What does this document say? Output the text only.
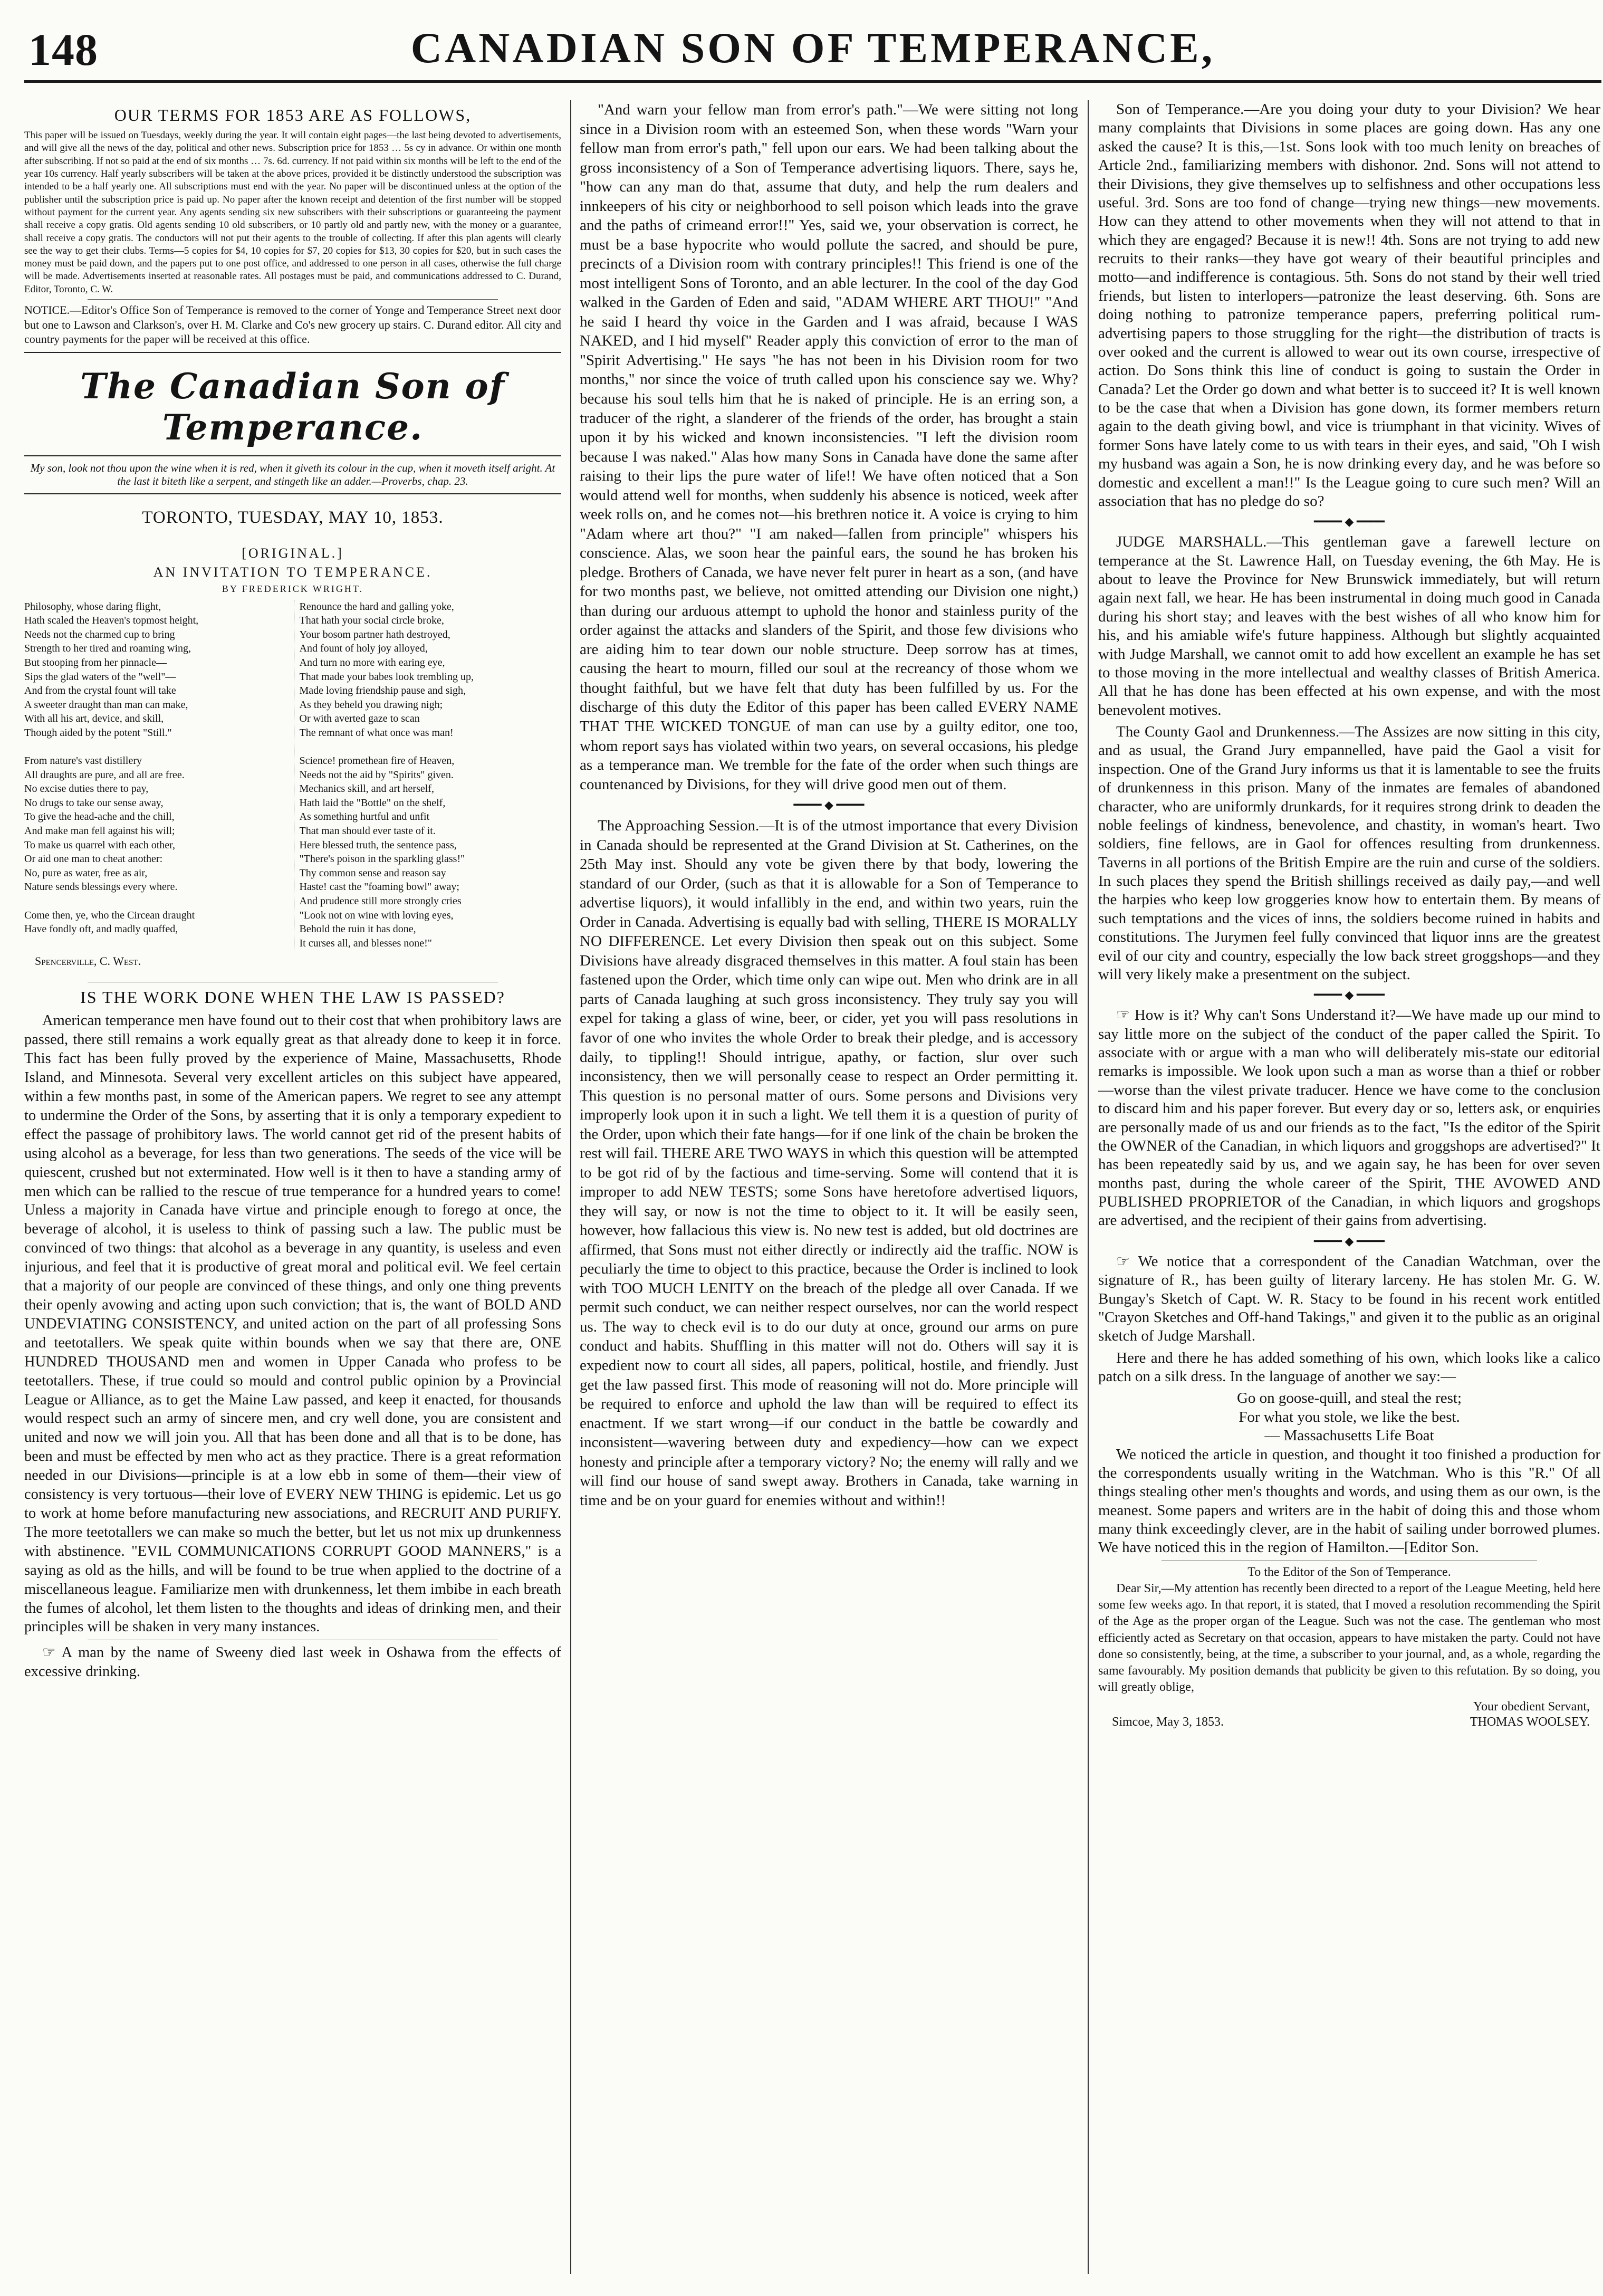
148	CANADIAN SON OF TEMPERANCE,
OUR TERMS FOR 1853 ARE AS FOLLOWS,

This paper will be issued on Tuesdays, weekly during the year. It will contain eight pages—the last being devoted to advertisements, and will give all the news of the day, political and other news. Subscription price for 1853 … 5s cy in advance. Or within one month after subscribing. If not so paid at the end of six months … 7s. 6d. currency. If not paid within six months will be left to the end of the year 10s currency. Half yearly subscribers will be taken at the above prices, provided it be distinctly understood the subscription was intended to be a half yearly one. All subscriptions must end with the year. No paper will be discontinued unless at the option of the publisher until the subscription price is paid up. No paper after the known receipt and detention of the first number will be stopped without payment for the current year. Any agents sending six new subscribers with their subscriptions or guaranteeing the payment shall receive a copy gratis. Old agents sending 10 old subscribers, or 10 partly old and partly new, with the money or a guarantee, shall receive a copy gratis. The conductors will not put their agents to the trouble of collecting. If after this plan agents will clearly see the way to get their clubs. Terms—5 copies for $4, 10 copies for $7, 20 copies for $13, 30 copies for $20, but in such cases the money must be paid down, and the papers put to one post office, and addressed to one person in all cases, otherwise the full charge will be made. Advertisements inserted at reasonable rates. All postages must be paid, and communications addressed to C. Durand, Editor, Toronto, C. W.

NOTICE.—Editor's Office Son of Temperance is removed to the corner of Yonge and Temperance Street next door but one to Lawson and Clarkson's, over H. M. Clarke and Co's new grocery up stairs. C. Durand editor. All city and country payments for the paper will be received at this office.

The Canadian Son of Temperance.
My son, look not thou upon the wine when it is red, when it giveth its colour in the cup, when it moveth itself aright. At the last it biteth like a serpent, and stingeth like an adder.—Proverbs, chap. 23.
TORONTO, TUESDAY, MAY 10, 1853.
[ORIGINAL.]
AN INVITATION TO TEMPERANCE.
BY FREDERICK WRIGHT.
Philosophy, whose daring flight,
Hath scaled the Heaven's topmost height,
Needs not the charmed cup to bring
Strength to her tired and roaming wing,
But stooping from her pinnacle—
Sips the glad waters of the "well"—
And from the crystal fount will take
A sweeter draught than man can make,
With all his art, device, and skill,
Though aided by the potent "Still."

From nature's vast distillery
All draughts are pure, and all are free.
No excise duties there to pay,
No drugs to take our sense away,
To give the head-ache and the chill,
And make man fell against his will;
To make us quarrel with each other,
Or aid one man to cheat another:
No, pure as water, free as air,
Nature sends blessings every where.

Come then, ye, who the Circean draught
Have fondly oft, and madly quaffed,
Renounce the hard and galling yoke,
That hath your social circle broke,
Your bosom partner hath destroyed,
And fount of holy joy alloyed,
And turn no more with earing eye,
That made your babes look trembling up,
Made loving friendship pause and sigh,
As they beheld you drawing nigh;
Or with averted gaze to scan
The remnant of what once was man!

Science! promethean fire of Heaven,
Needs not the aid by "Spirits" given.
Mechanics skill, and art herself,
Hath laid the "Bottle" on the shelf,
As something hurtful and unfit
That man should ever taste of it.
Here blessed truth, the sentence pass,
"There's poison in the sparkling glass!"
Thy common sense and reason say
Haste! cast the "foaming bowl" away;
And prudence still more strongly cries
"Look not on wine with loving eyes,
Behold the ruin it has done,
It curses all, and blesses none!"
Spencerville, C. West.
IS THE WORK DONE WHEN THE LAW IS PASSED?

American temperance men have found out to their cost that when prohibitory laws are passed, there still remains a work equally great as that already done to keep it in force. This fact has been fully proved by the experience of Maine, Massachusetts, Rhode Island, and Minnesota. Several very excellent articles on this subject have appeared, within a few months past, in some of the American papers. We regret to see any attempt to undermine the Order of the Sons, by asserting that it is only a temporary expedient to effect the passage of prohibitory laws. The world cannot get rid of the present habits of using alcohol as a beverage, for less than two generations. The seeds of the vice will be quiescent, crushed but not exterminated. How well is it then to have a standing army of men which can be rallied to the rescue of true temperance for a hundred years to come! Unless a majority in Canada have virtue and principle enough to forego at once, the beverage of alcohol, it is useless to think of passing such a law. The public must be convinced of two things: that alcohol as a beverage in any quantity, is useless and even injurious, and feel that it is productive of great moral and political evil. We feel certain that a majority of our people are convinced of these things, and only one thing prevents their openly avowing and acting upon such conviction; that is, the want of BOLD AND UNDEVIATING CONSISTENCY, and united action on the part of all professing Sons and teetotallers. We speak quite within bounds when we say that there are, ONE HUNDRED THOUSAND men and women in Upper Canada who profess to be teetotallers. These, if true could so mould and control public opinion by a Provincial League or Alliance, as to get the Maine Law passed, and keep it enacted, for thousands would respect such an army of sincere men, and cry well done, you are consistent and united and now we will join you. All that has been done and all that is to be done, has been and must be effected by men who act as they practice. There is a great reformation needed in our Divisions—principle is at a low ebb in some of them—their view of consistency is very tortuous—their love of EVERY NEW THING is epidemic. Let us go to work at home before manufacturing new associations, and RECRUIT AND PURIFY. The more teetotallers we can make so much the better, but let us not mix up drunkenness with abstinence. "EVIL COMMUNICATIONS CORRUPT GOOD MANNERS," is a saying as old as the hills, and will be found to be true when applied to the doctrine of a miscellaneous league. Familiarize men with drunkenness, let them imbibe in each breath the fumes of alcohol, let them listen to the thoughts and ideas of drinking men, and their principles will be shaken in very many instances.

☞ A man by the name of Sweeny died last week in Oshawa from the effects of excessive drinking.

"And warn your fellow man from error's path."—We were sitting not long since in a Division room with an esteemed Son, when these words "Warn your fellow man from error's path," fell upon our ears. We had been talking about the gross inconsistency of a Son of Temperance advertising liquors. There, says he, "how can any man do that, assume that duty, and help the rum dealers and innkeepers of his city or neighborhood to sell poison which leads into the grave and the paths of crimeand error!!" Yes, said we, your observation is correct, he must be a base hypocrite who would pollute the sacred, and should be pure, precincts of a Division room with contrary principles!! This friend is one of the most intelligent Sons of Toronto, and an able lecturer. In the cool of the day God walked in the Garden of Eden and said, "ADAM WHERE ART THOU!" "And he said I heard thy voice in the Garden and I was afraid, because I WAS NAKED, and I hid myself" Reader apply this conviction of error to the man of "Spirit Advertising." He says "he has not been in his Division room for two months," nor since the voice of truth called upon his conscience say we. Why? because his soul tells him that he is naked of principle. He is an erring son, a traducer of the right, a slanderer of the friends of the order, has brought a stain upon it by his wicked and known inconsistencies. "I left the division room because I was naked." Alas how many Sons in Canada have done the same after raising to their lips the pure water of life!! We have often noticed that a Son would attend well for months, when suddenly his absence is noticed, week after week rolls on, and he comes not—his brethren notice it. A voice is crying to him "Adam where art thou?" "I am naked—fallen from principle" whispers his conscience. Alas, we soon hear the painful ears, the sound he has broken his pledge. Brothers of Canada, we have never felt purer in heart as a son, (and have for two months past, we believe, not omitted attending our Division one night,) than during our arduous attempt to uphold the honor and stainless purity of the order against the attacks and slanders of the Spirit, and those few divisions who are aiding him to tear down our noble structure. Deep sorrow has at times, causing the heart to mourn, filled our soul at the recreancy of those whom we thought faithful, but we have felt that duty has been fulfilled by us. For the discharge of this duty the Editor of this paper has been called EVERY NAME THAT THE WICKED TONGUE of man can use by a guilty editor, one too, whom report says has violated within two years, on several occasions, his pledge as a temperance man. We tremble for the fate of the order when such things are countenanced by Divisions, for they will drive good men out of them.

━━━━ ◆ ━━━━

The Approaching Session.—It is of the utmost importance that every Division in Canada should be represented at the Grand Division at St. Catherines, on the 25th May inst. Should any vote be given there by that body, lowering the standard of our Order, (such as that it is allowable for a Son of Temperance to advertise liquors), it would infallibly in the end, and within two years, ruin the Order in Canada. Advertising is equally bad with selling, THERE IS MORALLY NO DIFFERENCE. Let every Division then speak out on this subject. Some Divisions have already disgraced themselves in this matter. A foul stain has been fastened upon the Order, which time only can wipe out. Men who drink are in all parts of Canada laughing at such gross inconsistency. They truly say you will expel for taking a glass of wine, beer, or cider, yet you will pass resolutions in favor of one who invites the whole Order to break their pledge, and is accessory daily, to tippling!! Should intrigue, apathy, or faction, slur over such inconsistency, then we will personally cease to respect an Order permitting it. This question is no personal matter of ours. Some persons and Divisions very improperly look upon it in such a light. We tell them it is a question of purity of the Order, upon which their fate hangs—for if one link of the chain be broken the rest will fail. THERE ARE TWO WAYS in which this question will be attempted to be got rid of by the factious and time-serving. Some will contend that it is improper to add NEW TESTS; some Sons have heretofore advertised liquors, they will say, or now is not the time to object to it. It will be easily seen, however, how fallacious this view is. No new test is added, but old doctrines are affirmed, that Sons must not either directly or indirectly aid the traffic. NOW is peculiarly the time to object to this practice, because the Order is inclined to look with TOO MUCH LENITY on the breach of the pledge all over Canada. If we permit such conduct, we can neither respect ourselves, nor can the world respect us. The way to check evil is to do our duty at once, ground our arms on pure conduct and habits. Shuffling in this matter will not do. Others will say it is expedient now to court all sides, all papers, political, hostile, and friendly. Just get the law passed first. This mode of reasoning will not do. More principle will be required to enforce and uphold the law than will be required to effect its enactment. If we start wrong—if our conduct in the battle be cowardly and inconsistent—wavering between duty and expediency—how can we expect honesty and principle after a temporary victory? No; the enemy will rally and we will find our house of sand swept away. Brothers in Canada, take warning in time and be on your guard for enemies without and within!!

Son of Temperance.—Are you doing your duty to your Division? We hear many complaints that Divisions in some places are going down. Has any one asked the cause? It is this,—1st. Sons look with too much lenity on breaches of Article 2nd., familiarizing members with dishonor. 2nd. Sons will not attend to their Divisions, they give themselves up to selfishness and other occupations less useful. 3rd. Sons are too fond of change—trying new things—new movements. How can they attend to other movements when they will not attend to that in which they are engaged? Because it is new!! 4th. Sons are not trying to add new recruits to their ranks—they have got weary of their beautiful principles and motto—and indifference is contagious. 5th. Sons do not stand by their well tried friends, but listen to interlopers—patronize the least deserving. 6th. Sons are doing nothing to patronize temperance papers, preferring political rum-advertising papers to those struggling for the right—the distribution of tracts is over ooked and the current is allowed to wear out its own course, irrespective of action. Do Sons think this line of conduct is going to sustain the Order in Canada? Let the Order go down and what better is to succeed it? It is well known to be the case that when a Division has gone down, its former members return again to the death giving bowl, and vice is triumphant in that vicinity. Wives of former Sons have lately come to us with tears in their eyes, and said, "Oh I wish my husband was again a Son, he is now drinking every day, and he was before so domestic and excellent a man!!" Is the League going to cure such men? Will an association that has no pledge do so?

━━━━ ◆ ━━━━

JUDGE MARSHALL.—This gentleman gave a farewell lecture on temperance at the St. Lawrence Hall, on Tuesday evening, the 6th May. He is about to leave the Province for New Brunswick immediately, but will return again next fall, we hear. He has been instrumental in doing much good in Canada during his short stay; and leaves with the best wishes of all who know him for his, and his amiable wife's future happiness. Although but slightly acquainted with Judge Marshall, we cannot omit to add how excellent an example he has set to those moving in the more intellectual and wealthy classes of British America. All that he has done has been effected at his own expense, and with the most benevolent motives.

The County Gaol and Drunkenness.—The Assizes are now sitting in this city, and as usual, the Grand Jury empannelled, have paid the Gaol a visit for inspection. One of the Grand Jury informs us that it is lamentable to see the fruits of drunkenness in this prison. Many of the inmates are females of abandoned character, who are uniformly drunkards, for it requires strong drink to deaden the noble feelings of kindness, benevolence, and chastity, in woman's heart. Two soldiers, fine fellows, are in Gaol for offences resulting from drunkenness. Taverns in all portions of the British Empire are the ruin and curse of the soldiers. In such places they spend the British shillings received as daily pay,—and well the harpies who keep low groggeries know how to entertain them. By means of such temptations and the vices of inns, the soldiers become ruined in habits and constitutions. The Jurymen feel fully convinced that liquor inns are the greatest evil of our city and country, especially the low back street groggshops—and they will very likely make a presentment on the subject.

━━━━ ◆ ━━━━

☞ How is it? Why can't Sons Understand it?—We have made up our mind to say little more on the subject of the conduct of the paper called the Spirit. To associate with or argue with a man who will deliberately mis-state our editorial remarks is impossible. We look upon such a man as worse than a thief or robber—worse than the vilest private traducer. Hence we have come to the conclusion to discard him and his paper forever. But every day or so, letters ask, or enquiries are personally made of us and our friends as to the fact, "Is the editor of the Spirit the OWNER of the Canadian, in which liquors and groggshops are advertised?" It has been repeatedly said by us, and we again say, he has been for over seven months past, during the whole career of the Spirit, THE AVOWED AND PUBLISHED PROPRIETOR of the Canadian, in which liquors and grogshops are advertised, and the recipient of their gains from advertising.

━━━━ ◆ ━━━━

☞ We notice that a correspondent of the Canadian Watchman, over the signature of R., has been guilty of literary larceny. He has stolen Mr. G. W. Bungay's Sketch of Capt. W. R. Stacy to be found in his recent work entitled "Crayon Sketches and Off-hand Takings," and given it to the public as an original sketch of Judge Marshall.

Here and there he has added something of his own, which looks like a calico patch on a silk dress. In the language of another we say:—

Go on goose-quill, and steal the rest;
For what you stole, we like the best.
— Massachusetts Life Boat

We noticed the article in question, and thought it too finished a production for the correspondents usually writing in the Watchman. Who is this "R." Of all things stealing other men's thoughts and words, and using them as our own, is the meanest. Some papers and writers are in the habit of doing this and those whom many think exceedingly clever, are in the habit of sailing under borrowed plumes. We have noticed this in the region of Hamilton.—[Editor Son.

To the Editor of the Son of Temperance.

Dear Sir,—My attention has recently been directed to a report of the League Meeting, held here some few weeks ago. In that report, it is stated, that I moved a resolution recommending the Spirit of the Age as the proper organ of the League. Such was not the case. The gentleman who most efficiently acted as Secretary on that occasion, appears to have mistaken the party. Could not have done so consistently, being, at the time, a subscriber to your journal, and, as a whole, regarding the same favourably. My position demands that publicity be given to this refutation. By so doing, you will greatly oblige,

Your obedient Servant,
Simcoe, May 3, 1853.	THOMAS WOOLSEY.
